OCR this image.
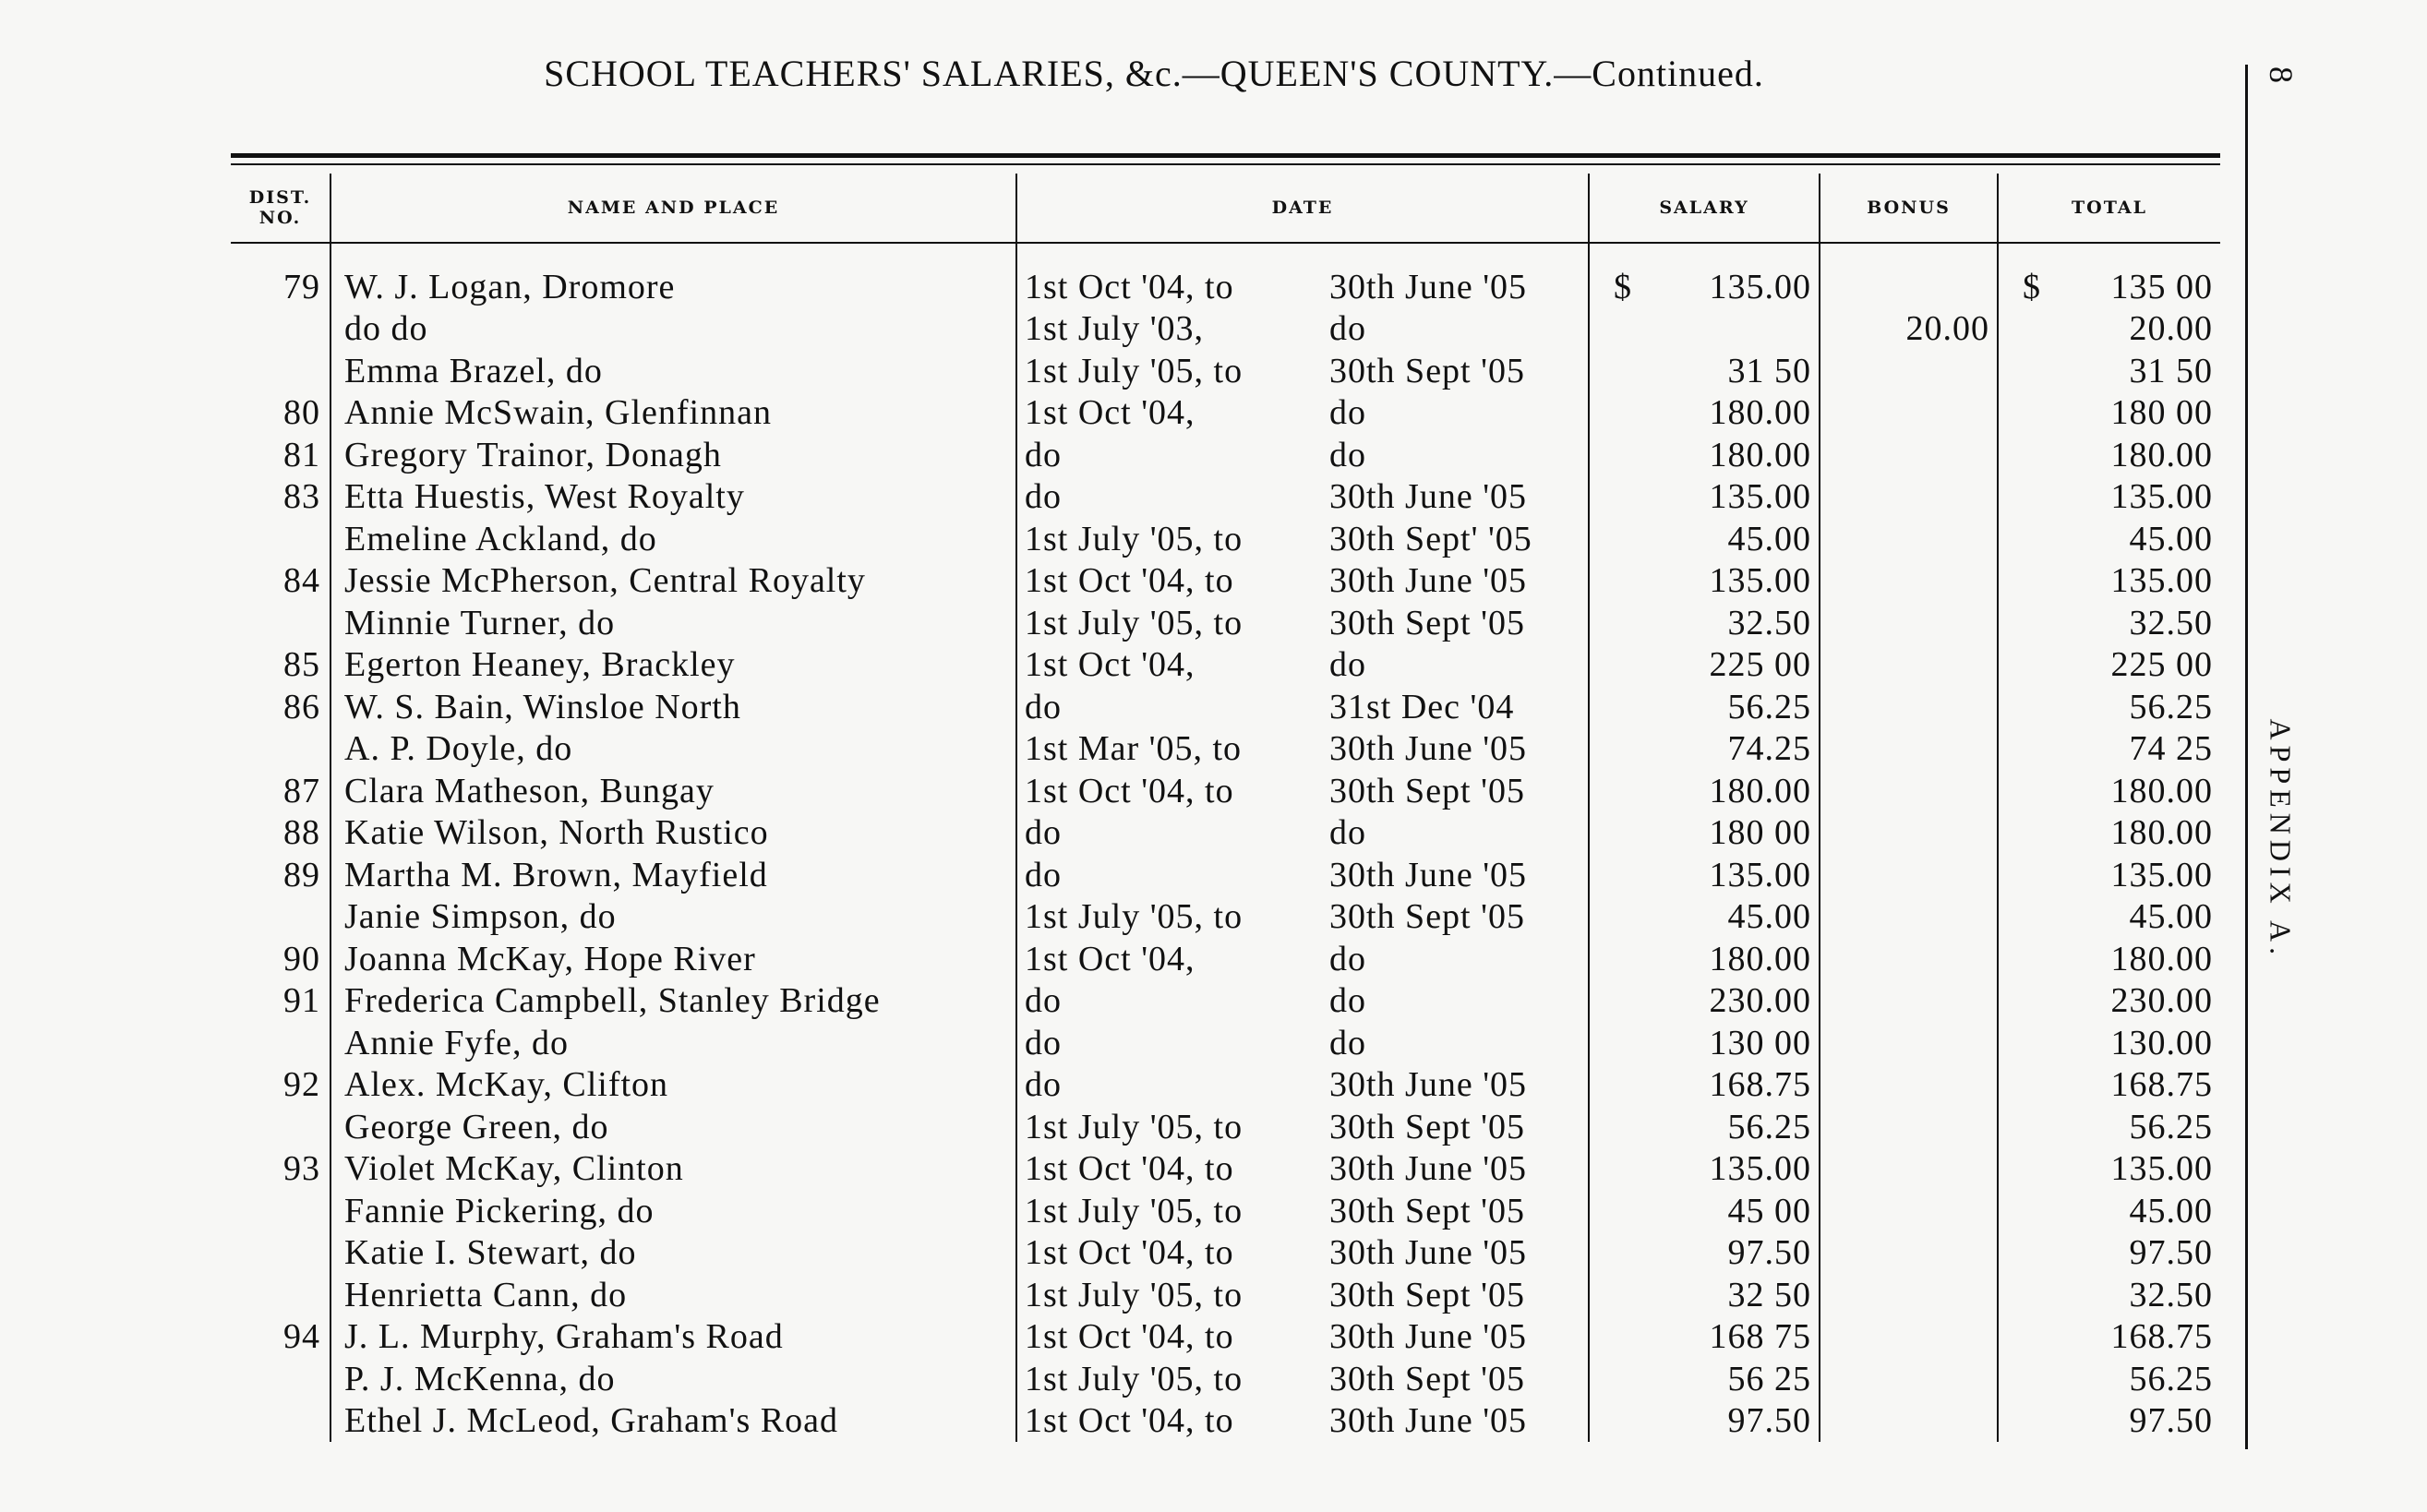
SCHOOL TEACHERS' SALARIES, &c.—QUEEN'S COUNTY.—Continued.	8
APPENDIX A.
DIST. NO.	NAME AND PLACE	DATE	SALARY	BONUS	TOTAL
79	W. J. Logan, Dromore	1st Oct '04, to 30th June '05	$ 135.00		$ 135 00
	do do	1st July '03, do		20.00	20.00
	Emma Brazel, do	1st July '05, to 30th Sept '05	31 50		31 50
80	Annie McSwain, Glenfinnan	1st Oct '04, do	180.00		180 00
81	Gregory Trainor, Donagh	do do	180.00		180.00
83	Etta Huestis, West Royalty	do 30th June '05	135.00		135.00
	Emeline Ackland, do	1st July '05, to 30th Sept' '05	45.00		45.00
84	Jessie McPherson, Central Royalty	1st Oct '04, to 30th June '05	135.00		135.00
	Minnie Turner, do	1st July '05, to 30th Sept '05	32.50		32.50
85	Egerton Heaney, Brackley	1st Oct '04, do	225 00		225 00
86	W. S. Bain, Winsloe North	do 31st Dec '04	56.25		56.25
	A. P. Doyle, do	1st Mar '05, to 30th June '05	74.25		74 25
87	Clara Matheson, Bungay	1st Oct '04, to 30th Sept '05	180.00		180.00
88	Katie Wilson, North Rustico	do do	180 00		180.00
89	Martha M. Brown, Mayfield	do 30th June '05	135.00		135.00
	Janie Simpson, do	1st July '05, to 30th Sept '05	45.00		45.00
90	Joanna McKay, Hope River	1st Oct '04, do	180.00		180.00
91	Frederica Campbell, Stanley Bridge	do do	230.00		230.00
	Annie Fyfe, do	do do	130 00		130.00
92	Alex. McKay, Clifton	do 30th June '05	168.75		168.75
	George Green, do	1st July '05, to 30th Sept '05	56.25		56.25
93	Violet McKay, Clinton	1st Oct '04, to 30th June '05	135.00		135.00
	Fannie Pickering, do	1st July '05, to 30th Sept '05	45 00		45.00
	Katie I. Stewart, do	1st Oct '04, to 30th June '05	97.50		97.50
	Henrietta Cann, do	1st July '05, to 30th Sept '05	32 50		32.50
94	J. L. Murphy, Graham's Road	1st Oct '04, to 30th June '05	168 75		168.75
	P. J. McKenna, do	1st July '05, to 30th Sept '05	56 25		56.25
	Ethel J. McLeod, Graham's Road	1st Oct '04, to 30th June '05	97.50		97.50
